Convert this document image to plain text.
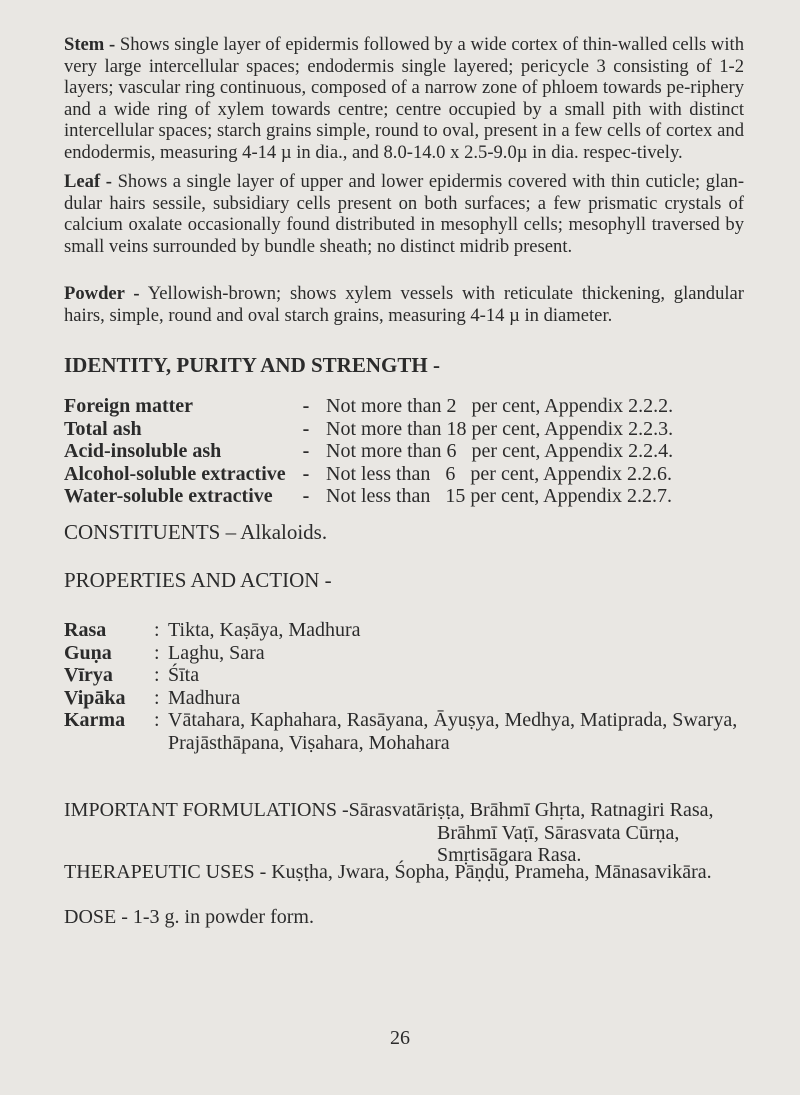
Stem - Shows single layer of epidermis followed by a wide cortex of thin-walled cells with very large intercellular spaces; endodermis single layered; pericycle 3 consisting of 1-2 layers; vascular ring continuous, composed of a narrow zone of phloem towards pe-riphery and a wide ring of xylem towards centre; centre occupied by a small pith with distinct intercellular spaces; starch grains simple, round to oval, present in a few cells of cortex and endodermis, measuring 4-14 µ in dia., and 8.0-14.0 x 2.5-9.0µ in dia. respec-tively.
Leaf - Shows a single layer of upper and lower epidermis covered with thin cuticle; glan-dular hairs sessile, subsidiary cells present on both surfaces; a few prismatic crystals of calcium oxalate occasionally found distributed in mesophyll cells; mesophyll traversed by small veins surrounded by bundle sheath; no distinct midrib present.
Powder - Yellowish-brown; shows xylem vessels with reticulate thickening, glandular hairs, simple, round and oval starch grains, measuring 4-14 µ in diameter.
IDENTITY, PURITY AND STRENGTH -
Foreign matter	- Not more than 2   per cent, Appendix 2.2.2.
Total ash	- Not more than 18 per cent, Appendix 2.2.3.
Acid-insoluble ash	- Not more than 6   per cent, Appendix 2.2.4.
Alcohol-soluble extractive - Not less than   6   per cent, Appendix 2.2.6.
Water-soluble extractive	- Not less than   15 per cent, Appendix 2.2.7.
CONSTITUENTS – Alkaloids.
PROPERTIES AND ACTION -
Rasa	: Tikta, Kaṣāya, Madhura
Guṇa	: Laghu, Sara
Vīrya	: Śīta
Vipāka	: Madhura
Karma	: Vātahara, Kaphahara, Rasāyana, Āyuṣya, Medhya, Matiprada, Swarya, Prajāsthāpana, Viṣahara, Mohahara
IMPORTANT FORMULATIONS -Sārasvatāriṣṭa, Brāhmī Ghṛta, Ratnagiri Rasa,
Brāhmī Vaṭī, Sārasvata Cūrṇa, Smṛtisāgara Rasa.
THERAPEUTIC USES - Kuṣṭha, Jwara, Śopha, Pāṇḍu, Prameha, Mānasavikāra.
DOSE - 1-3 g. in powder form.
26
